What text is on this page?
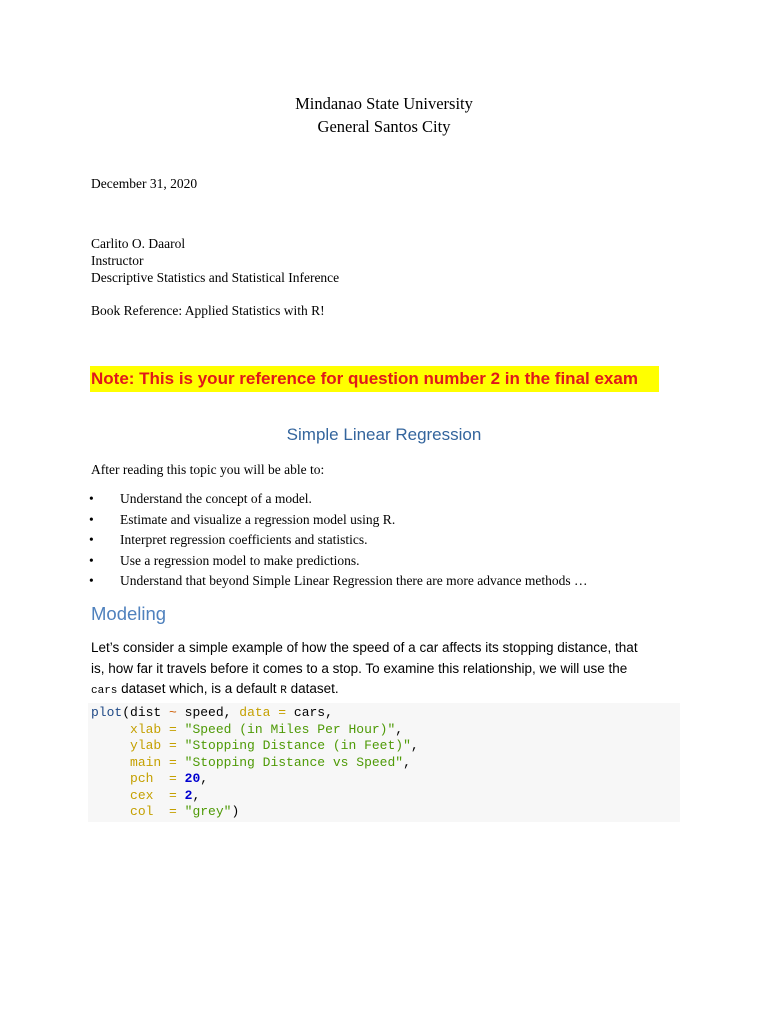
Mindanao State University
General Santos City
December 31, 2020
Carlito O. Daarol
Instructor
Descriptive Statistics and Statistical Inference
Book Reference: Applied Statistics with R!
Note: This is your reference for question number 2 in the final exam
Simple Linear Regression
After reading this topic you will be able to:
• Understand the concept of a model.
• Estimate and visualize a regression model using R.
• Interpret regression coefficients and statistics.
• Use a regression model to make predictions.
• Understand that beyond Simple Linear Regression there are more advance methods …
Modeling
Let’s consider a simple example of how the speed of a car affects its stopping distance, that
is, how far it travels before it comes to a stop. To examine this relationship, we will use the
cars dataset which, is a default R dataset.
plot(dist ~ speed, data = cars,
xlab = "Speed (in Miles Per Hour)",
ylab = "Stopping Distance (in Feet)",
main = "Stopping Distance vs Speed",
pch  = 20,
cex  = 2,
col  = "grey")
